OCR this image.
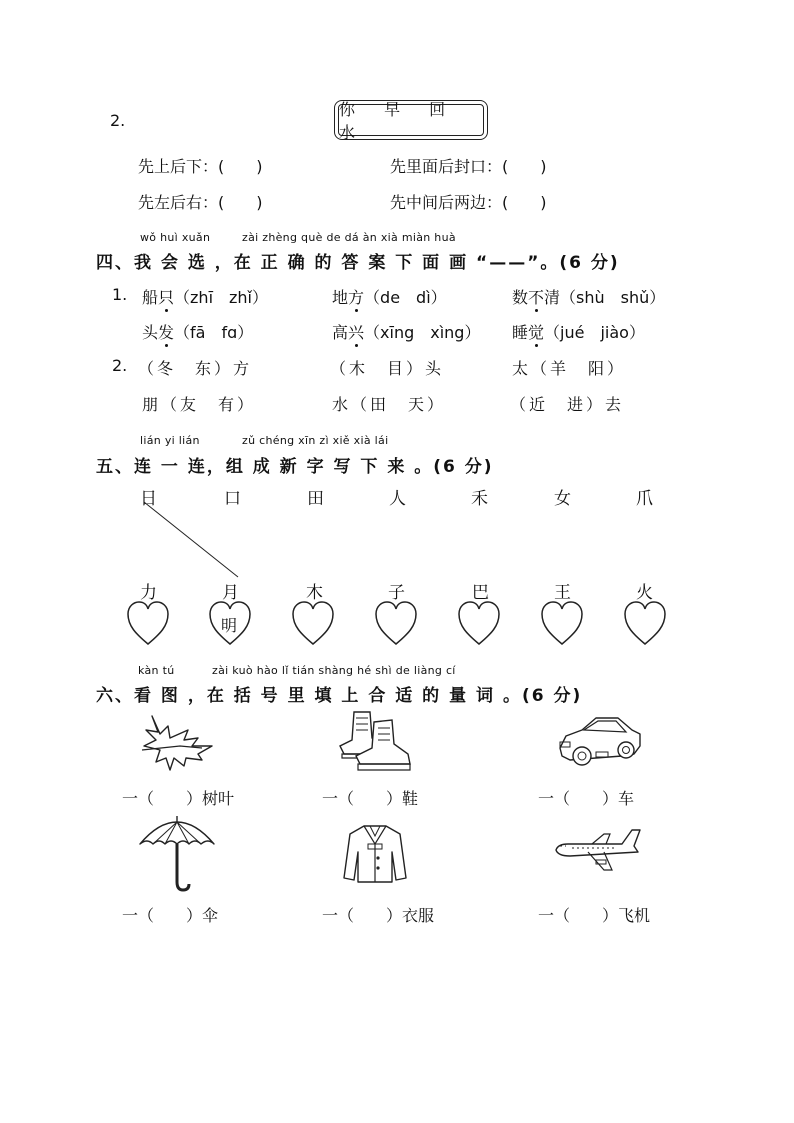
2.
你 早 回 水
先上后下：(　　)	先里面后封口：(　　)
先左后右：(　　)	先中间后两边：(　　)
wǒ huì xuǎn	zài zhèng què de dá àn xià miàn huà
四、我 会 选 ，在 正 确 的 答 案 下 面 画 “——”。(6 分)
1. 船只（zhī　zhǐ）	地方（de　dì）	数不清（shù　shǔ）
头发（fā　fɑ）	高兴（xīng　xìng） 睡觉（jué　jiào）
2. （冬　东）方	（木　目）头	太（羊　阳）
朋（友　有）	水（田　天）	（近　进）去
lián yi lián	zǔ chéng xīn zì xiě xià lái
五、连 一 连，组 成 新 字 写 下 来 。(6 分)
日	口	田	人	禾	女	爪
力	月	木	子	巴	王	火
明
kàn tú	zài kuò hào lǐ tián shàng hé shì de liàng cí
六、看 图 ，在 括 号 里 填 上 合 适 的 量 词 。(6 分)
一（　　）树叶	一（　　）鞋	一（　　）车
一（　　）伞	一（　　）衣服	一（　　）飞机
